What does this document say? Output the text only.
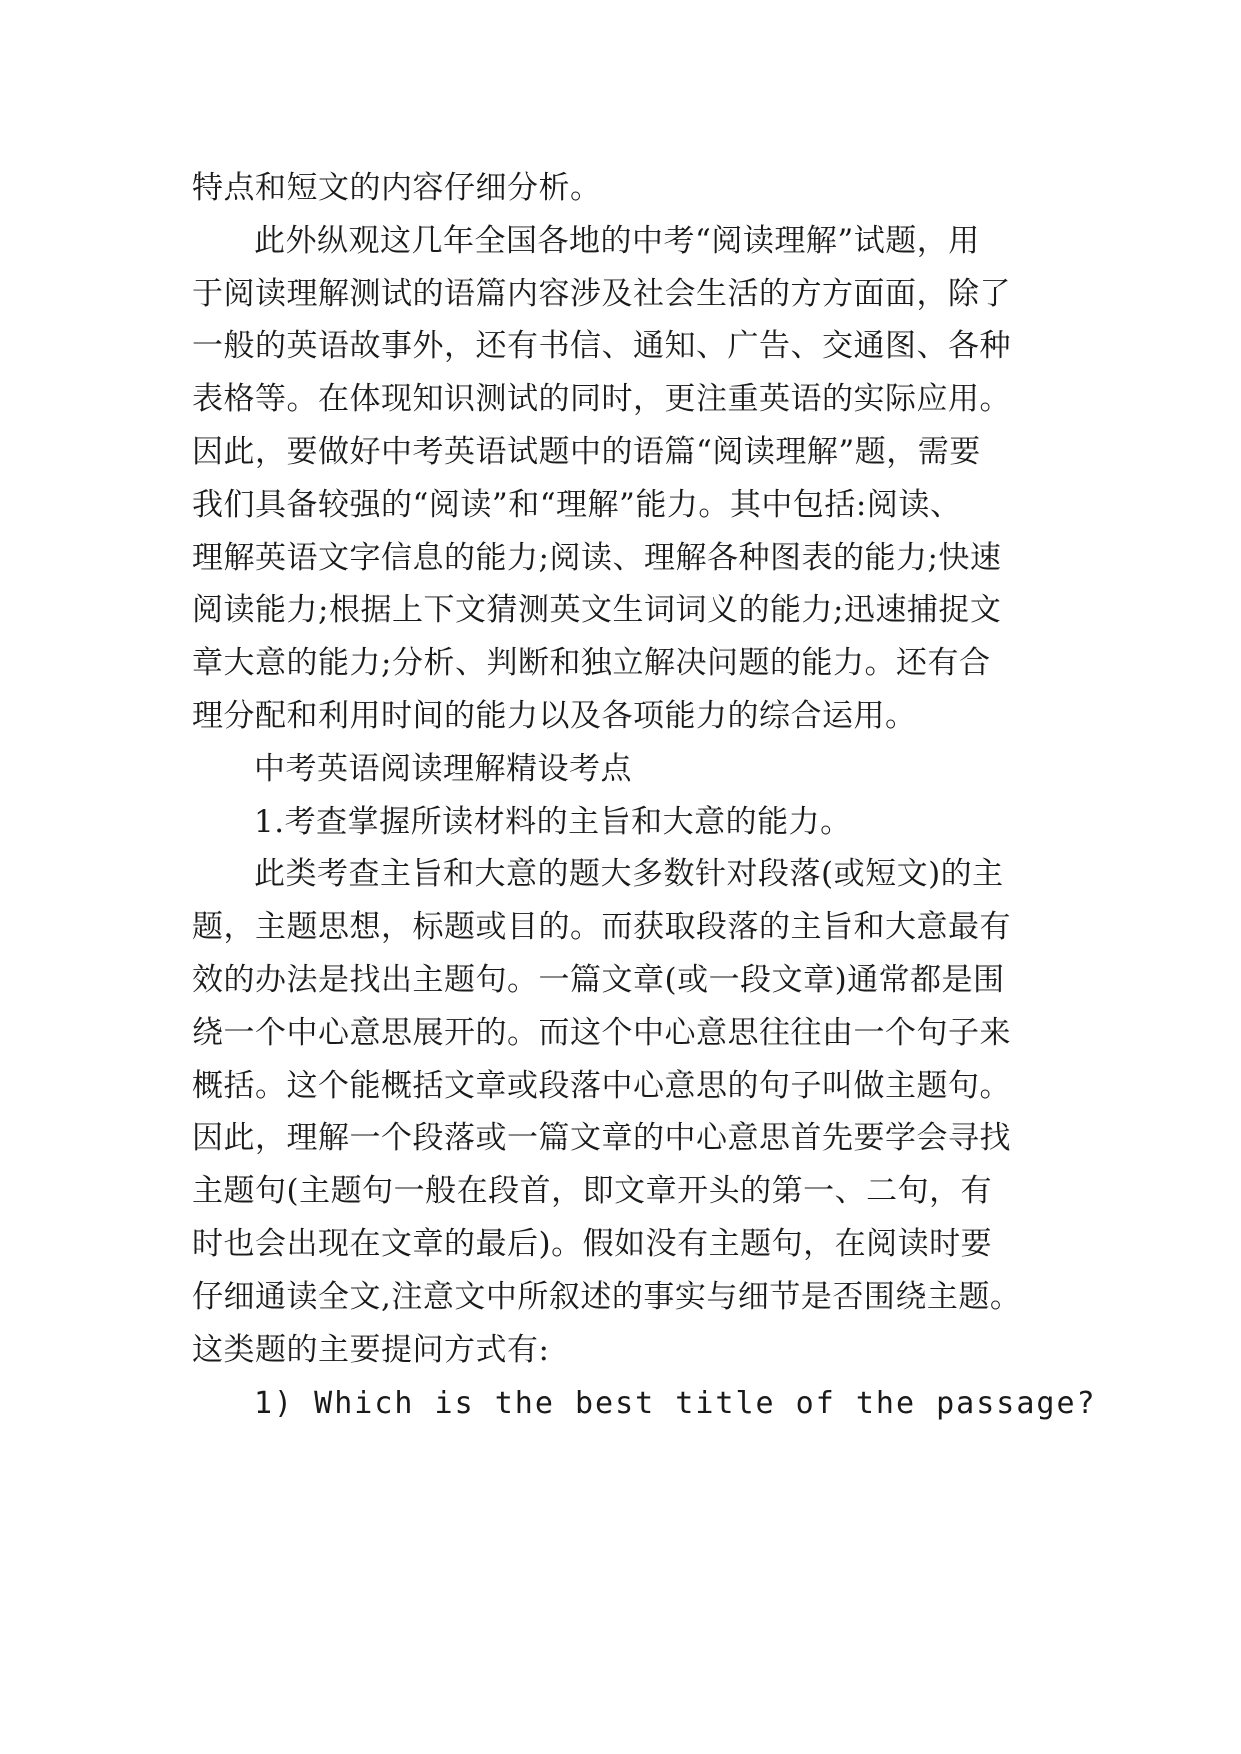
特点和短文的内容仔细分析。
此外纵观这几年全国各地的中考“阅读理解”试题，用
于阅读理解测试的语篇内容涉及社会生活的方方面面，除了
一般的英语故事外，还有书信、通知、广告、交通图、各种
表格等。在体现知识测试的同时，更注重英语的实际应用。
因此，要做好中考英语试题中的语篇“阅读理解”题，需要
我们具备较强的“阅读”和“理解”能力。其中包括:阅读、
理解英语文字信息的能力;阅读、理解各种图表的能力;快速
阅读能力;根据上下文猜测英文生词词义的能力;迅速捕捉文
章大意的能力;分析、判断和独立解决问题的能力。还有合
理分配和利用时间的能力以及各项能力的综合运用。
中考英语阅读理解精设考点
1.考查掌握所读材料的主旨和大意的能力。
此类考查主旨和大意的题大多数针对段落(或短文)的主
题，主题思想，标题或目的。而获取段落的主旨和大意最有
效的办法是找出主题句。一篇文章(或一段文章)通常都是围
绕一个中心意思展开的。而这个中心意思往往由一个句子来
概括。这个能概括文章或段落中心意思的句子叫做主题句。
因此，理解一个段落或一篇文章的中心意思首先要学会寻找
主题句(主题句一般在段首，即文章开头的第一、二句，有
时也会出现在文章的最后)。假如没有主题句，在阅读时要
仔细通读全文,注意文中所叙述的事实与细节是否围绕主题。
这类题的主要提问方式有:
1) Which is the best title of the passage?
